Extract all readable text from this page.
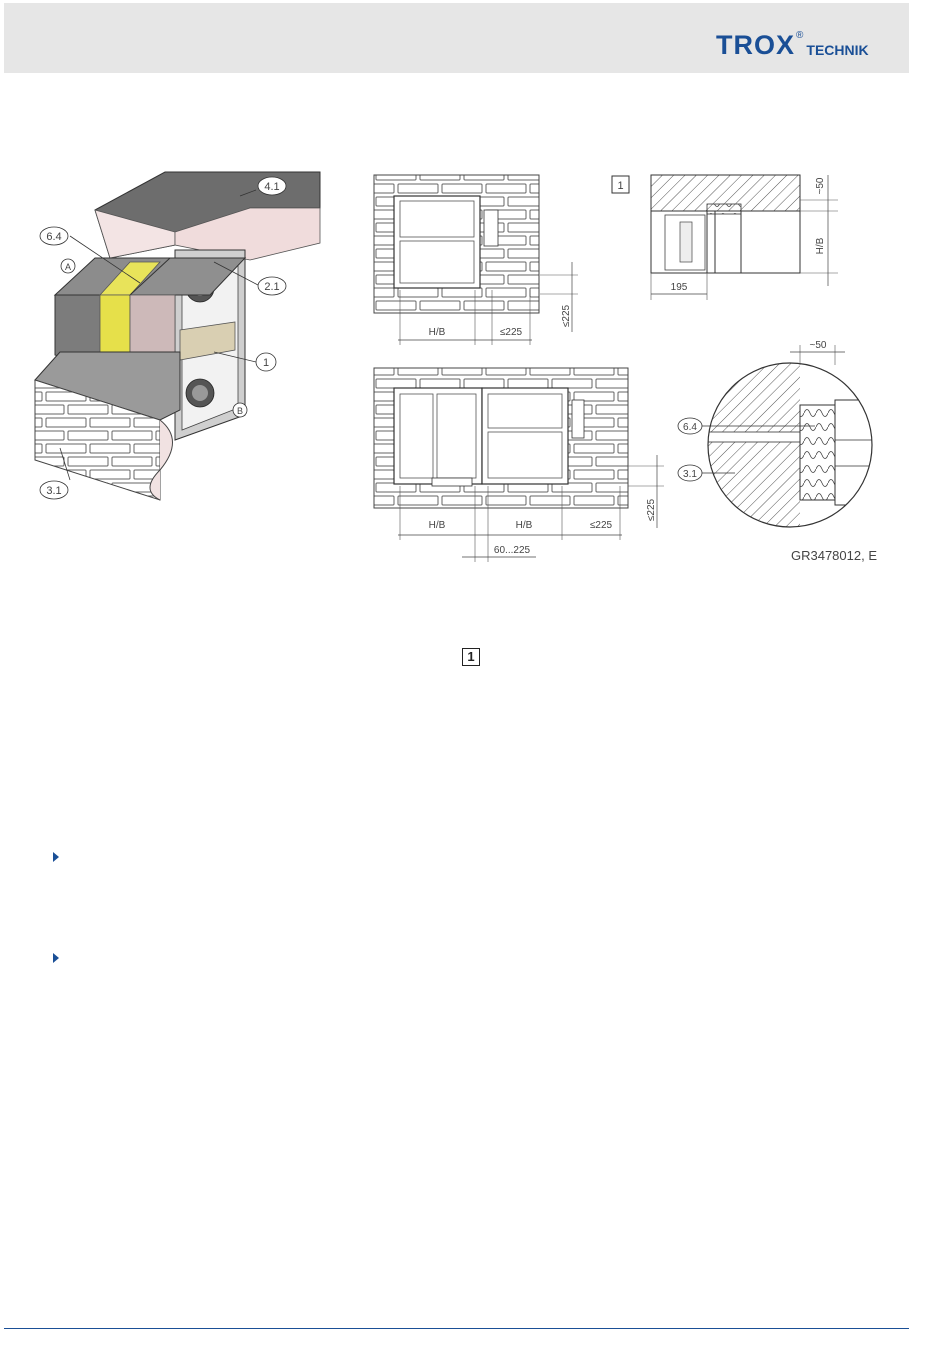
TROX ®
TECHNIK
4.1
6.4
A
2.1
1
B
3.1
H/B	≤225
≤225
1
195
~50
H/B
H/B	H/B	≤225
60...225
≤225
~50
6.4
3.1
GR3478012, E
1
